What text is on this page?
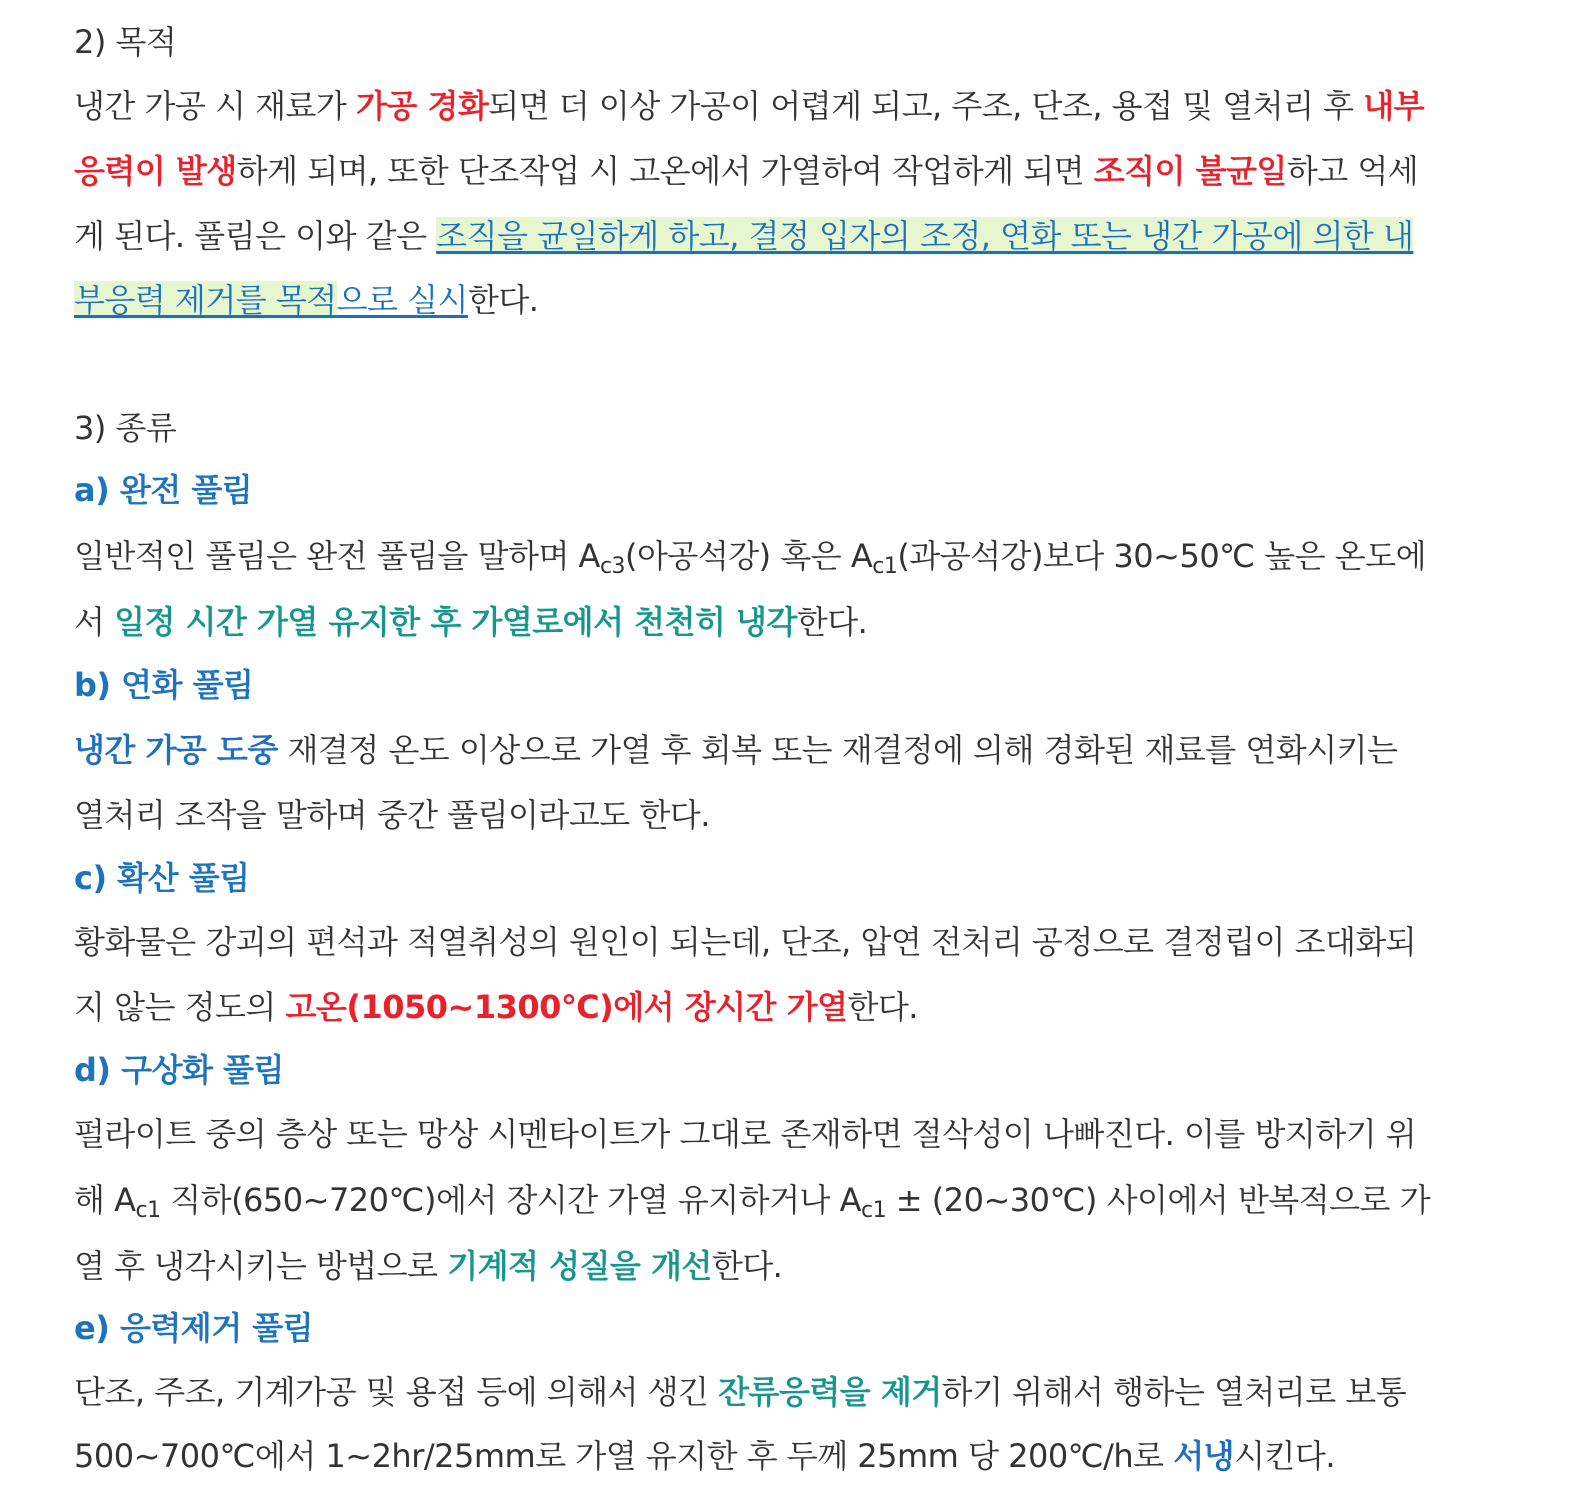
2) 목적
냉간 가공 시 재료가 가공 경화되면 더 이상 가공이 어렵게 되고, 주조, 단조, 용접 및 열처리 후 내부
응력이 발생하게 되며, 또한 단조작업 시 고온에서 가열하여 작업하게 되면 조직이 불균일하고 억세
게 된다. 풀림은 이와 같은 조직을 균일하게 하고, 결정 입자의 조정, 연화 또는 냉간 가공에 의한 내
부응력 제거를 목적으로 실시한다.
3) 종류
a) 완전 풀림
일반적인 풀림은 완전 풀림을 말하며 $A_{c3}$(아공석강) 혹은 $A_{c1}$(과공석강)보다 30~50℃ 높은 온도에
서 일정 시간 가열 유지한 후 가열로에서 천천히 냉각한다.
b) 연화 풀림
냉간 가공 도중 재결정 온도 이상으로 가열 후 회복 또는 재결정에 의해 경화된 재료를 연화시키는
열처리 조작을 말하며 중간 풀림이라고도 한다.
c) 확산 풀림
황화물은 강괴의 편석과 적열취성의 원인이 되는데, 단조, 압연 전처리 공정으로 결정립이 조대화되
지 않는 정도의 고온(1050~1300℃)에서 장시간 가열한다.
d) 구상화 풀림
펄라이트 중의 층상 또는 망상 시멘타이트가 그대로 존재하면 절삭성이 나빠진다. 이를 방지하기 위
해 $A_{c1}$ 직하(650~720℃)에서 장시간 가열 유지하거나 $A_{c1}$ ± (20~30℃) 사이에서 반복적으로 가
열 후 냉각시키는 방법으로 기계적 성질을 개선한다.
e) 응력제거 풀림
단조, 주조, 기계가공 및 용접 등에 의해서 생긴 잔류응력을 제거하기 위해서 행하는 열처리로 보통
500~700℃에서 1~2hr/25mm로 가열 유지한 후 두께 25mm 당 200℃/h로 서냉시킨다.
